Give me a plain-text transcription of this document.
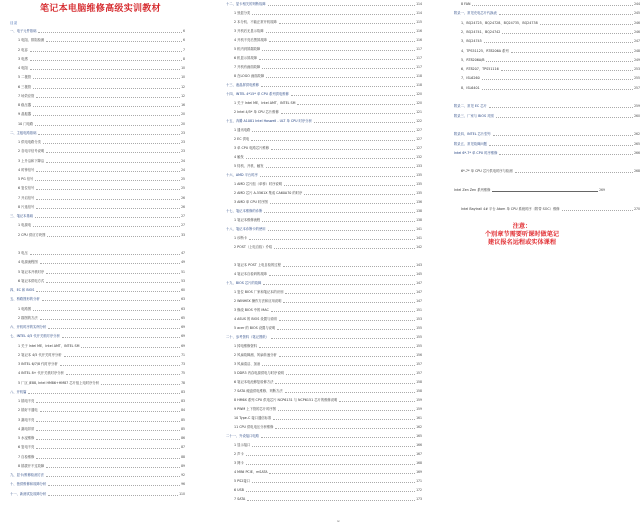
笔记本电脑维修高级实训教材
目录
一、电子元件基础	6
1 电阻、排阻检测	6
2 电容	7
3 电感	8
4 电阻	10
5 二极管	10
6 三极管	12
7 场效应管	12
8 稳压器	16
9 晶振器	20
10 门电路	20
二、主板电路基础	23
1 供电电路分类	23
2 各电平信号说明	23
3 上升沿和下降沿	24
4 时钟信号	24
5 PG 信号	25
6 复位信号	25
7 开启信号	26
8 片选信号	26
三、笔记本基础	27
1 电源电	27
2 CPU 供应方块图	33
3 电压	47
4 电源流程图	49
5 笔记本开机时序	51
6 笔记本供电方式	53
四、EC 和 BIOS	60
五、桥路图形的分析	63
1 电路图	63
2 描图的方法	65
六、开机时序的实例分析	69
七、INTEL 4/5 代开关机时序分析	69
1 关于 Intel ME、Intel AMT、INTEL SM	69
2 笔记本 4/5 代开关时序分析	71
3 INTEL 6/7/8 代时序分析	73
4 INTEL 8+ 代开关机时序分析	75
5 厂区 JE88, Intel HM86+HM87 芯片组上电时序分析	78
八、开机篇	83
1 插电不亮	83
2 插好不通电	84
3 漏电不亮	85
4 漏电异常	85
5 水浸维修	86
6 复电不亮	87
7 自检维修	88
8 插拔开不过故障	89
九、显卡/维修检测方法	92
十、独供维修和故障分析	96
十一、新测试及故障分析	110
十二、显卡相关的判断故障	114
1 独显分类	114
2 本分机、不能正常开机故障	115
3 开机后无显示故障	116
4 开机不亮后黑屏故障	116
5 机内到屏端故障	117
6 机显示屏故障	117
7 开机有画面故障	117
8 在LOGO 画面故障	118
十三、液晶屏供电维修	118
十四、INTEL 4*15* 单 CPU 系列供电维修	120
1 关于 Intel ME、Intel AMT、INTEL SM	120
2 Intel 4/5* 单 CPU 芯片维修	121
十五、奔腾 A1081 Intel Haswell - ULT 单 CPU 时序分析	122
1 通讯电路	127
2 EC 供电	127
3 单 CPU 电路芯片维修	127
4 触发	132
5 待机、开机、触发	133
十六、AMD 平台时序	135
1 AMD 芯片组（单桥）时序说明	135
2 AMD 芯片 A-5561X 集成 CA60A70 的时序	135
3 AMD 单 CPU 时序图	136
十七、笔记本维修的诊断	138
1 笔记本维修流程	138
十八、笔记本诊断卡的使用	141
1 诊断卡	141
2 POST（上电自检）介绍	142
3 笔记本 POST 上电自检的过程	143
4 笔记本自检码的故障	145
十九、BIOS 芯片的故障	147
1 复位 BIOS 厂家和笔记本的识别	147
2 WINHEX 操作方法和应用说明	147
3 修改 BIOS 中的 MAC	151
4 ASUS 的 BIOS 设置与说明	153
5 acer 的 BIOS 设置与说明	155
二十、参考资料（笔记图纸）	155
1 掉电维修资料	155
2 风扇故障测、风扇转速分析	156
3 风扇清洁、加油	157
5 DDR3 内存电源供电与时序说明	157
6 笔记本电池修复检修方法	158
7 SATA 硬盘供电维修、判断方法	158
8 HM6X 系列 CPU 供电芯片 NCP6131 与 NCP6151 芯片的维修说明	159
9 PWM 上下管的芯片时序图	159
10 Type-C 接口通信标准	161
11 CPU 供电电压分析维修	162
二十一、外设接口电路	165
1 显示接口	166
2 声卡	167
3 网卡	168
4 MINI PCIE、mSATA	169
5 PS2接口	171
6 USB	172
7 SATA	173
8 FAN	244
附录一、常见充电芯片代换表	245
1、BQ24725、BQ24728、BQ24735、BQ24738	246
2、BQ24741、BQ24742	246
3、BQ24745	247
4、TPS51125、RT8206A 系列	248
5、RT8206A/B	249
6、RT8207、TPS51116	253
7、ISL6260	255
8、ISL6401	257
附录二、常见 EC 芯片	259
附录三、厂家与 BIOS 对照	260
附录四、INTEL 芯片型号	262
附录五、常见故障问题	265
Intel 6*-7* 单 CPU 时序维修	266
6*-7* 单 CPU 芯片供电时序与检测	268
Intel Zen Zen 系列维修	269
Intel Baytrail 4# 平台 Atom 单 CPU 系统时序（附带 SOC）维修	270
注意：
个别章节需要听课时做笔记
建议报名远程或实体课程
iv
